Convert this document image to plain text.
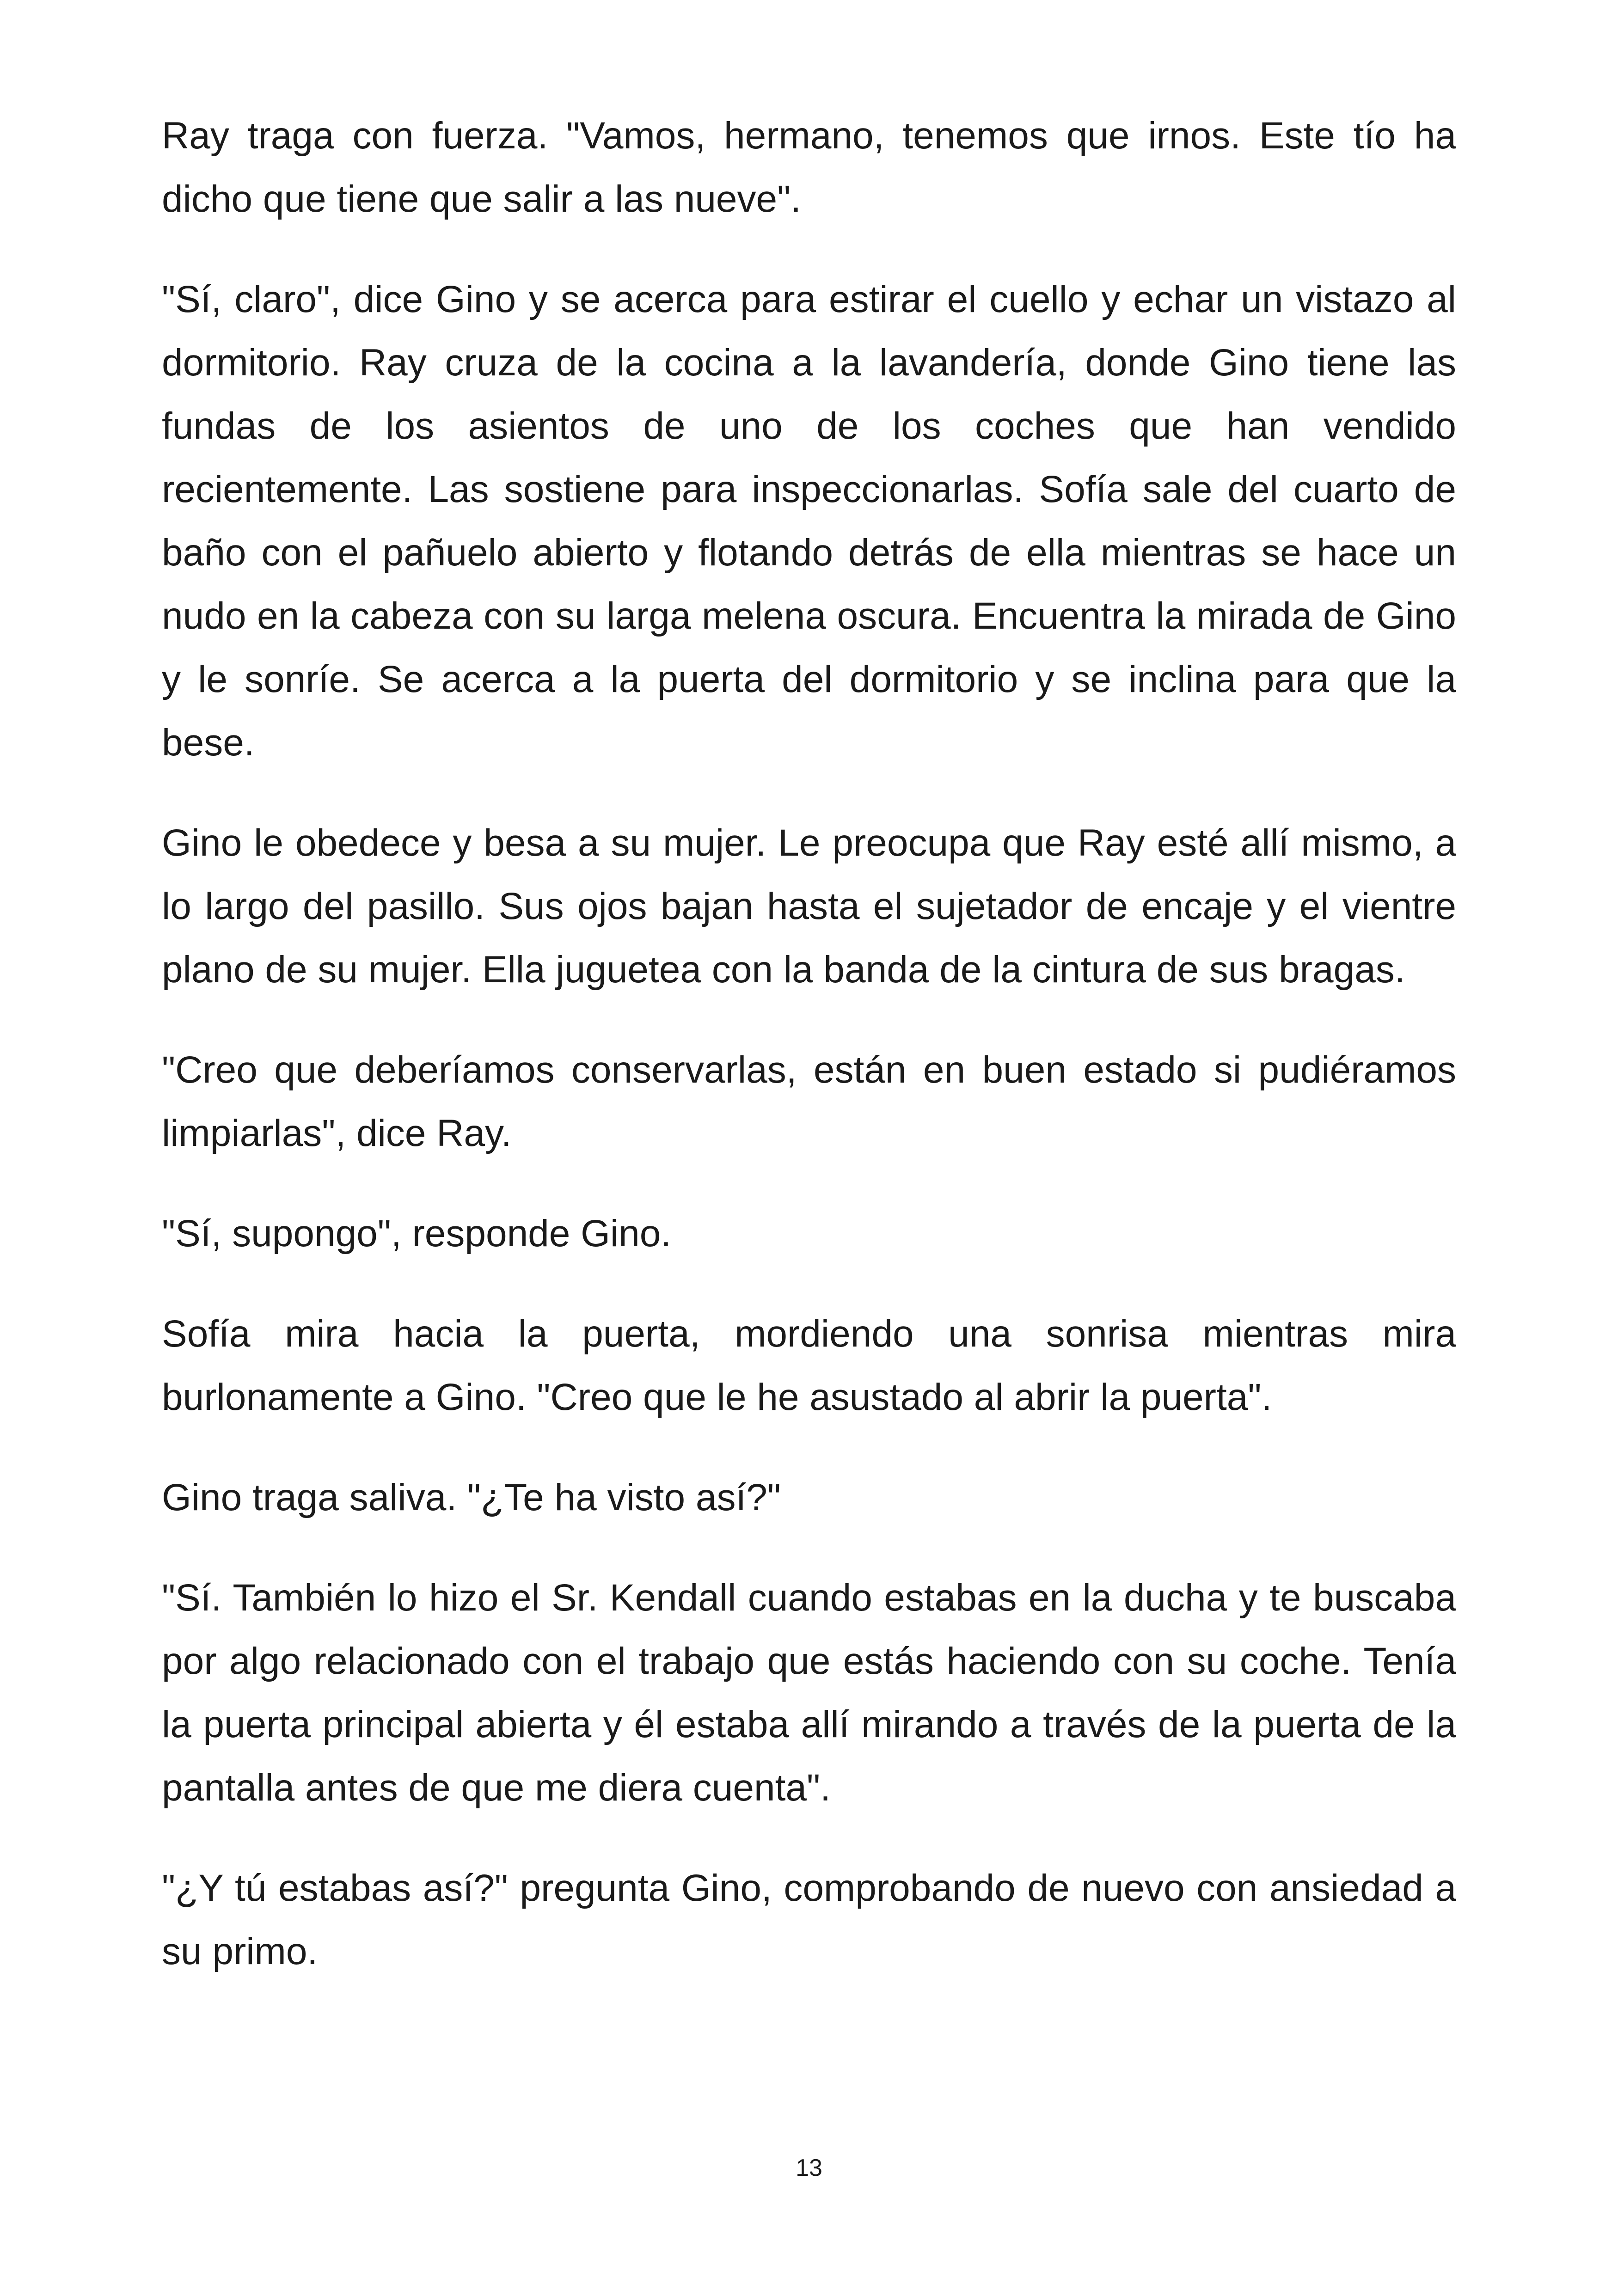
Ray traga con fuerza. "Vamos, hermano, tenemos que irnos. Este tío ha dicho que tiene que salir a las nueve".

"Sí, claro", dice Gino y se acerca para estirar el cuello y echar un vistazo al dormitorio. Ray cruza de la cocina a la lavandería, donde Gino tiene las fundas de los asientos de uno de los coches que han vendido recientemente. Las sostiene para inspeccionarlas. Sofía sale del cuarto de baño con el pañuelo abierto y flotando detrás de ella mientras se hace un nudo en la cabeza con su larga melena oscura. Encuentra la mirada de Gino y le sonríe. Se acerca a la puerta del dormitorio y se inclina para que la bese.

Gino le obedece y besa a su mujer. Le preocupa que Ray esté allí mismo, a lo largo del pasillo. Sus ojos bajan hasta el sujetador de encaje y el vientre plano de su mujer. Ella juguetea con la banda de la cintura de sus bragas.

"Creo que deberíamos conservarlas, están en buen estado si pudiéramos limpiarlas", dice Ray.

"Sí, supongo", responde Gino.

Sofía mira hacia la puerta, mordiendo una sonrisa mientras mira burlonamente a Gino. "Creo que le he asustado al abrir la puerta".

Gino traga saliva. "¿Te ha visto así?"

"Sí. También lo hizo el Sr. Kendall cuando estabas en la ducha y te buscaba por algo relacionado con el trabajo que estás haciendo con su coche. Tenía la puerta principal abierta y él estaba allí mirando a través de la puerta de la pantalla antes de que me diera cuenta".

"¿Y tú estabas así?" pregunta Gino, comprobando de nuevo con ansiedad a su primo.

13
